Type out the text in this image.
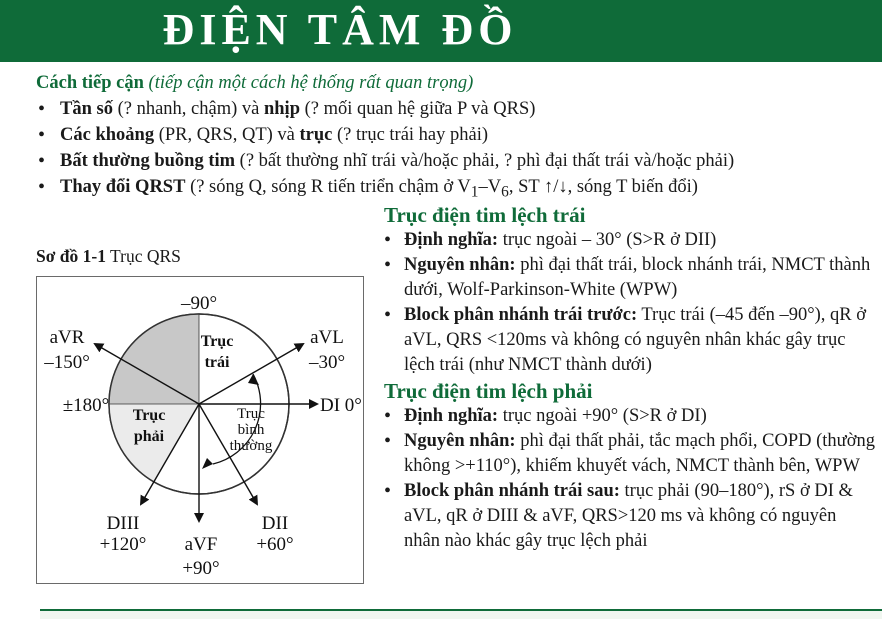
ĐIỆN TÂM ĐỒ
Cách tiếp cận (tiếp cận một cách hệ thống rất quan trọng)
• Tần số (? nhanh, chậm) và nhịp (? mối quan hệ giữa P và QRS)
• Các khoảng (PR, QRS, QT) và trục (? trục trái hay phải)
• Bất thường buồng tim (? bất thường nhĩ trái và/hoặc phải, ? phì đại thất trái và/hoặc phải)
• Thay đổi QRST (? sóng Q, sóng R tiến triển chậm ở $V_1-V_6$, ST ↑/↓, sóng T biến đổi)
Sơ đồ 1-1 Trục QRS
–90°
aVR
–150°
aVL
–30°
±180°	DI 0°
DIII
+120° aVF
+90°
DII
+60°
Trục
trái
Trục
phải
Trục
bình
thường
Trục điện tim lệch trái
• Định nghĩa: trục ngoài – 30° (S>R ở DII)
• Nguyên nhân: phì đại thất trái, block nhánh trái, NMCT thành dưới, Wolf-Parkinson-White (WPW)
• Block phân nhánh trái trước: Trục trái (–45 đến –90°), qR ở aVL, QRS <120ms và không có nguyên nhân khác gây trục lệch trái (như NMCT thành dưới)
Trục điện tim lệch phải
• Định nghĩa: trục ngoài +90° (S>R ở DI)
• Nguyên nhân: phì đại thất phải, tắc mạch phổi, COPD (thường không >+110°), khiếm khuyết vách, NMCT thành bên, WPW
• Block phân nhánh trái sau: trục phải (90–180°), rS ở DI & aVL, qR ở DIII & aVF, QRS>120 ms và không có nguyên nhân nào khác gây trục lệch phải
